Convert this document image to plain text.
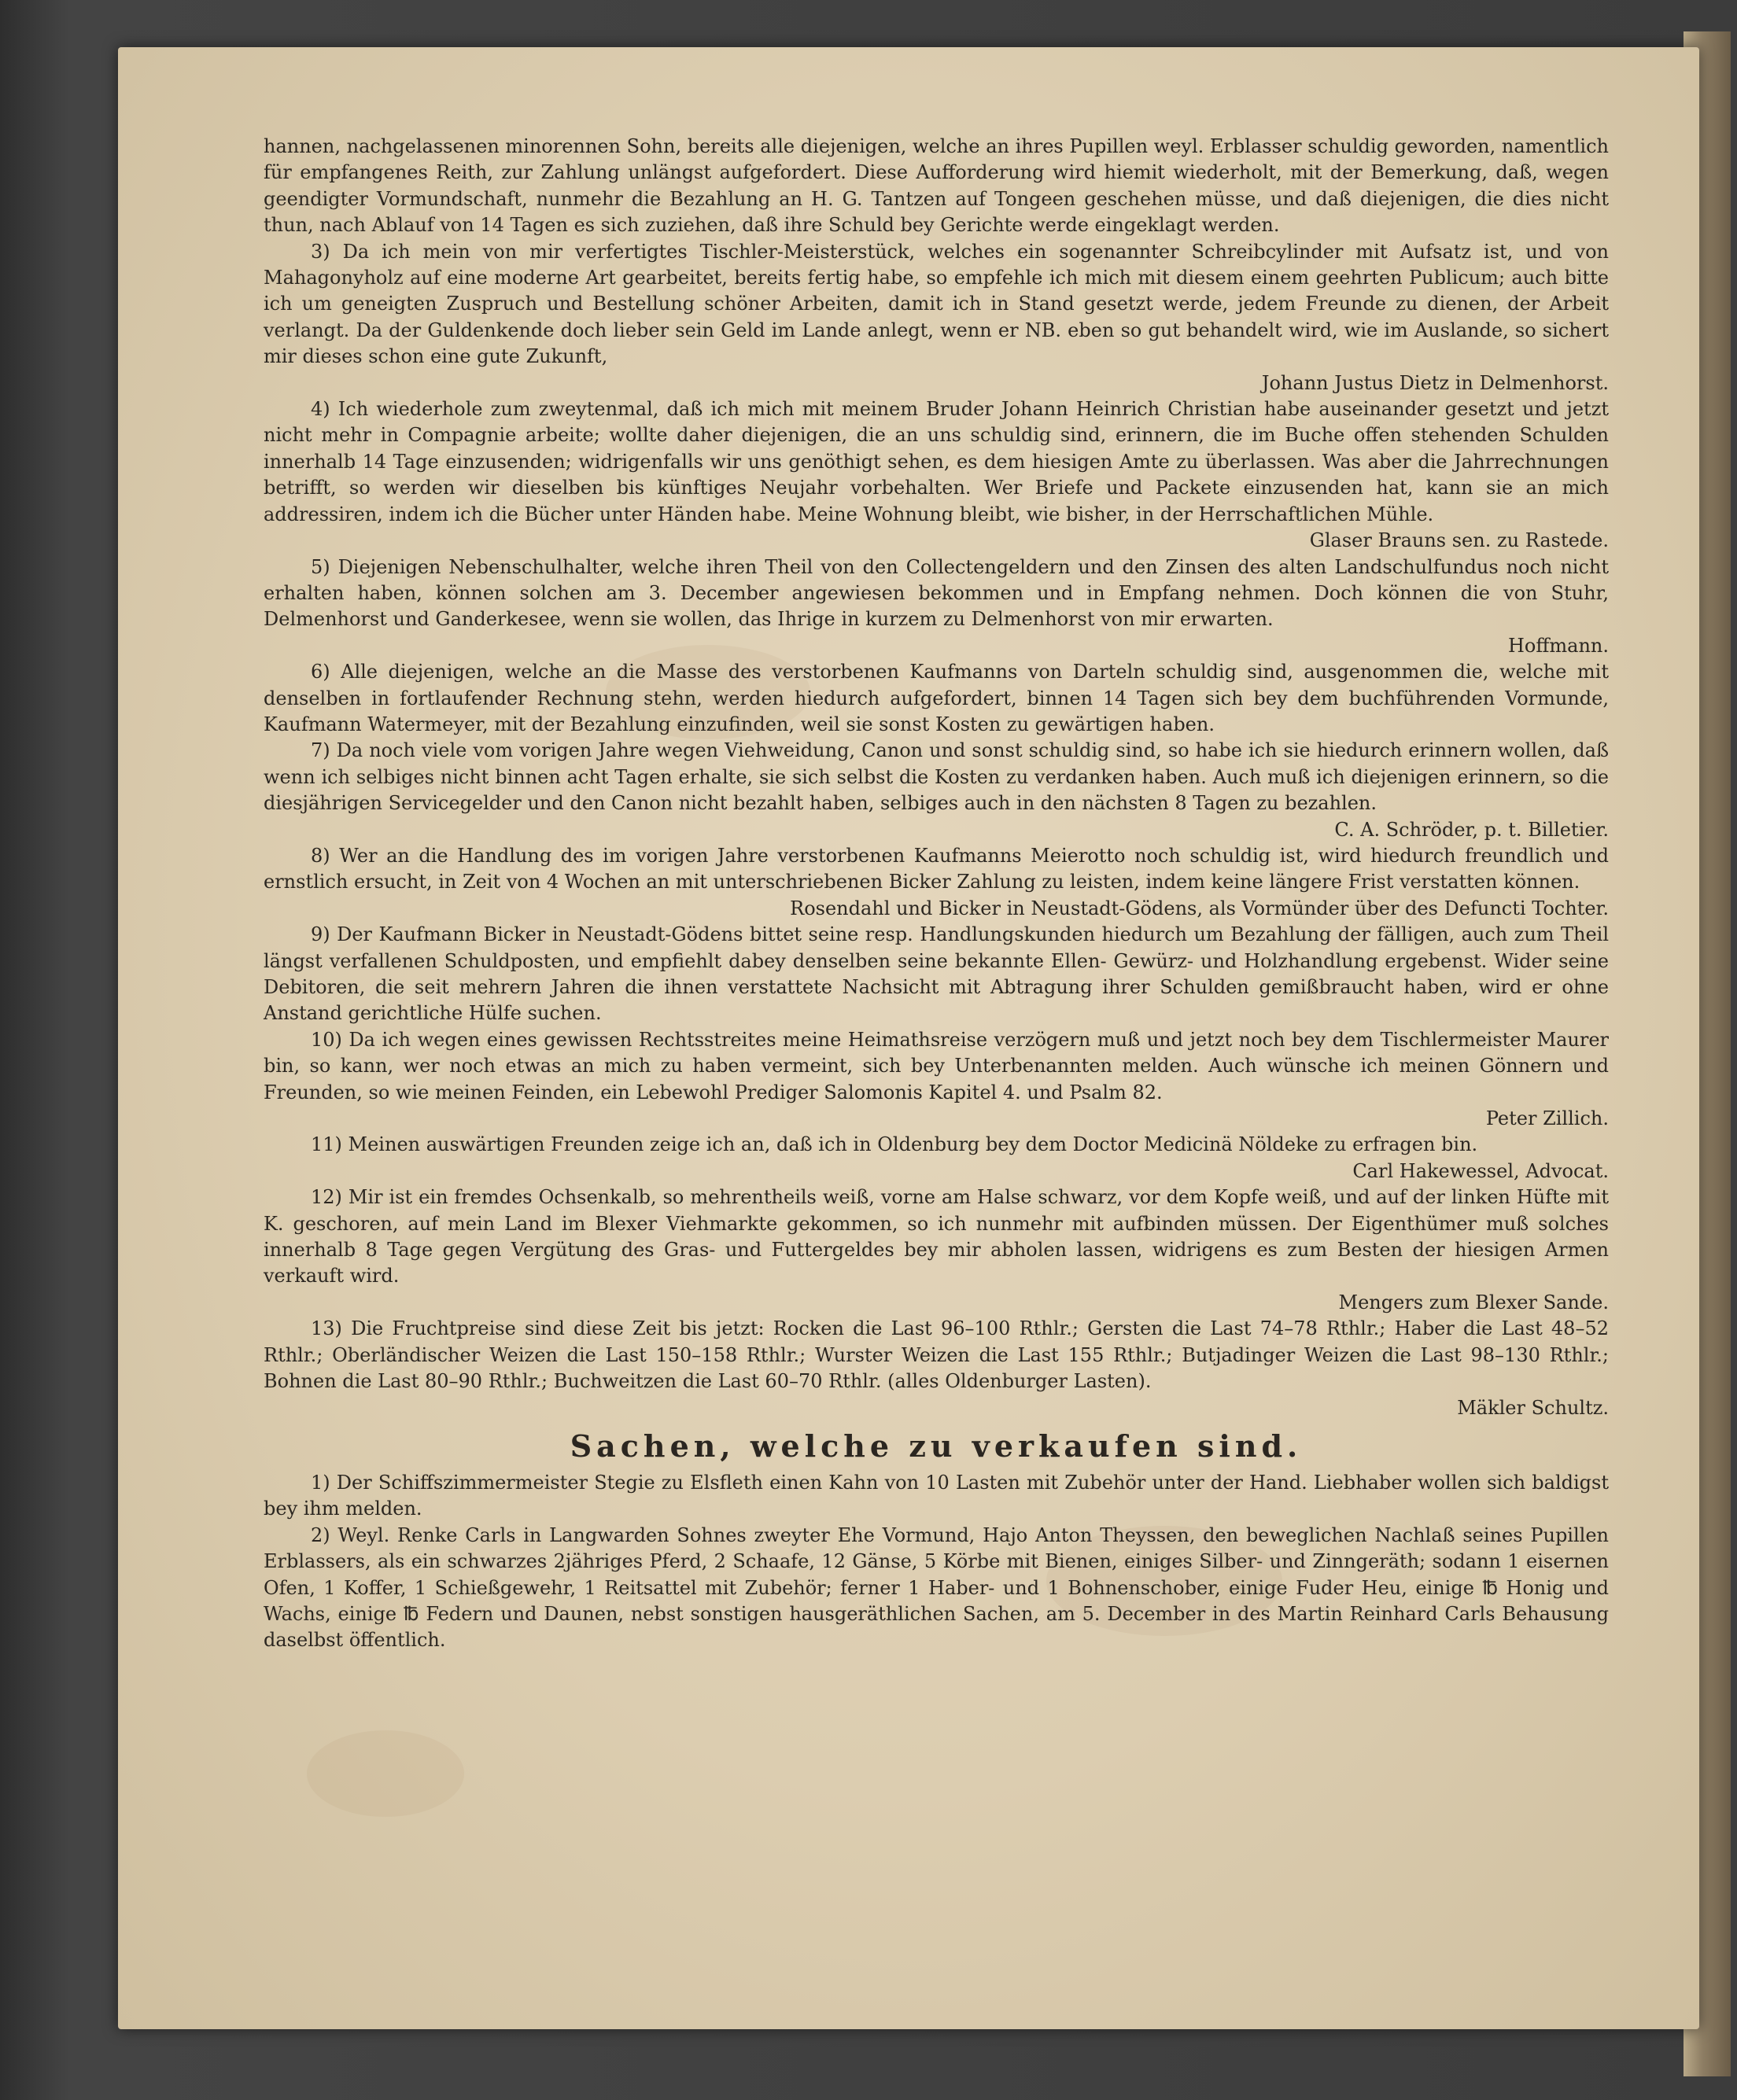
hannen, nachgelassenen minorennen Sohn, bereits alle diejenigen, welche an ihres Pupillen weyl. Erblasser schuldig geworden, namentlich für empfangenes Reith, zur Zahlung unlängst aufgefordert. Diese Aufforderung wird hiemit wiederholt, mit der Bemerkung, daß, wegen geendigter Vormundschaft, nunmehr die Bezahlung an H. G. Tantzen auf Tongeen geschehen müsse, und daß diejenigen, die dies nicht thun, nach Ablauf von 14 Tagen es sich zuziehen, daß ihre Schuld bey Gerichte werde eingeklagt werden.

3) Da ich mein von mir verfertigtes Tischler-Meisterstück, welches ein sogenannter Schreibcylinder mit Aufsatz ist, und von Mahagonyholz auf eine moderne Art gearbeitet, bereits fertig habe, so empfehle ich mich mit diesem einem geehrten Publicum; auch bitte ich um geneigten Zuspruch und Bestellung schöner Arbeiten, damit ich in Stand gesetzt werde, jedem Freunde zu dienen, der Arbeit verlangt. Da der Guldenkende doch lieber sein Geld im Lande anlegt, wenn er NB. eben so gut behandelt wird, wie im Auslande, so sichert mir dieses schon eine gute Zukunft,

Johann Justus Dietz in Delmenhorst.

4) Ich wiederhole zum zweytenmal, daß ich mich mit meinem Bruder Johann Heinrich Christian habe auseinander gesetzt und jetzt nicht mehr in Compagnie arbeite; wollte daher diejenigen, die an uns schuldig sind, erinnern, die im Buche offen stehenden Schulden innerhalb 14 Tage einzusenden; widrigenfalls wir uns genöthigt sehen, es dem hiesigen Amte zu überlassen. Was aber die Jahrrechnungen betrifft, so werden wir dieselben bis künftiges Neujahr vorbehalten. Wer Briefe und Packete einzusenden hat, kann sie an mich addressiren, indem ich die Bücher unter Händen habe. Meine Wohnung bleibt, wie bisher, in der Herrschaftlichen Mühle.

Glaser Brauns sen. zu Rastede.

5) Diejenigen Nebenschulhalter, welche ihren Theil von den Collectengeldern und den Zinsen des alten Landschulfundus noch nicht erhalten haben, können solchen am 3. December angewiesen bekommen und in Empfang nehmen. Doch können die von Stuhr, Delmenhorst und Ganderkesee, wenn sie wollen, das Ihrige in kurzem zu Delmenhorst von mir erwarten.

Hoffmann.

6) Alle diejenigen, welche an die Masse des verstorbenen Kaufmanns von Darteln schuldig sind, ausgenommen die, welche mit denselben in fortlaufender Rechnung stehn, werden hiedurch aufgefordert, binnen 14 Tagen sich bey dem buchführenden Vormunde, Kaufmann Watermeyer, mit der Bezahlung einzufinden, weil sie sonst Kosten zu gewärtigen haben.

7) Da noch viele vom vorigen Jahre wegen Viehweidung, Canon und sonst schuldig sind, so habe ich sie hiedurch erinnern wollen, daß wenn ich selbiges nicht binnen acht Tagen erhalte, sie sich selbst die Kosten zu verdanken haben. Auch muß ich diejenigen erinnern, so die diesjährigen Servicegelder und den Canon nicht bezahlt haben, selbiges auch in den nächsten 8 Tagen zu bezahlen.

C. A. Schröder, p. t. Billetier.

8) Wer an die Handlung des im vorigen Jahre verstorbenen Kaufmanns Meierotto noch schuldig ist, wird hiedurch freundlich und ernstlich ersucht, in Zeit von 4 Wochen an mit unterschriebenen Bicker Zahlung zu leisten, indem keine längere Frist verstatten können.

Rosendahl und Bicker in Neustadt-Gödens, als Vormünder über des Defuncti Tochter.

9) Der Kaufmann Bicker in Neustadt-Gödens bittet seine resp. Handlungskunden hiedurch um Bezahlung der fälligen, auch zum Theil längst verfallenen Schuldposten, und empfiehlt dabey denselben seine bekannte Ellen- Gewürz- und Holzhandlung ergebenst. Wider seine Debitoren, die seit mehrern Jahren die ihnen verstattete Nachsicht mit Abtragung ihrer Schulden gemißbraucht haben, wird er ohne Anstand gerichtliche Hülfe suchen.

10) Da ich wegen eines gewissen Rechtsstreites meine Heimathsreise verzögern muß und jetzt noch bey dem Tischlermeister Maurer bin, so kann, wer noch etwas an mich zu haben vermeint, sich bey Unterbenannten melden. Auch wünsche ich meinen Gönnern und Freunden, so wie meinen Feinden, ein Lebewohl Prediger Salomonis Kapitel 4. und Psalm 82.

Peter Zillich.

11) Meinen auswärtigen Freunden zeige ich an, daß ich in Oldenburg bey dem Doctor Medicinä Nöldeke zu erfragen bin.

Carl Hakewessel, Advocat.

12) Mir ist ein fremdes Ochsenkalb, so mehrentheils weiß, vorne am Halse schwarz, vor dem Kopfe weiß, und auf der linken Hüfte mit K. geschoren, auf mein Land im Blexer Viehmarkte gekommen, so ich nunmehr mit aufbinden müssen. Der Eigenthümer muß solches innerhalb 8 Tage gegen Vergütung des Gras- und Futtergeldes bey mir abholen lassen, widrigens es zum Besten der hiesigen Armen verkauft wird.

Mengers zum Blexer Sande.

13) Die Fruchtpreise sind diese Zeit bis jetzt: Rocken die Last 96–100 Rthlr.; Gersten die Last 74–78 Rthlr.; Haber die Last 48–52 Rthlr.; Oberländischer Weizen die Last 150–158 Rthlr.; Wurster Weizen die Last 155 Rthlr.; Butjadinger Weizen die Last 98–130 Rthlr.; Bohnen die Last 80–90 Rthlr.; Buchweitzen die Last 60–70 Rthlr. (alles Oldenburger Lasten).

Mäkler Schultz.
Sachen, welche zu verkaufen sind.

1) Der Schiffszimmermeister Stegie zu Elsfleth einen Kahn von 10 Lasten mit Zubehör unter der Hand. Liebhaber wollen sich baldigst bey ihm melden.

2) Weyl. Renke Carls in Langwarden Sohnes zweyter Ehe Vormund, Hajo Anton Theyssen, den beweglichen Nachlaß seines Pupillen Erblassers, als ein schwarzes 2jähriges Pferd, 2 Schaafe, 12 Gänse, 5 Körbe mit Bienen, einiges Silber- und Zinngeräth; sodann 1 eisernen Ofen, 1 Koffer, 1 Schießgewehr, 1 Reitsattel mit Zubehör; ferner 1 Haber- und 1 Bohnenschober, einige Fuder Heu, einige ℔ Honig und Wachs, einige ℔ Federn und Daunen, nebst sonstigen hausgeräthlichen Sachen, am 5. December in des Martin Reinhard Carls Behausung daselbst öffentlich.
